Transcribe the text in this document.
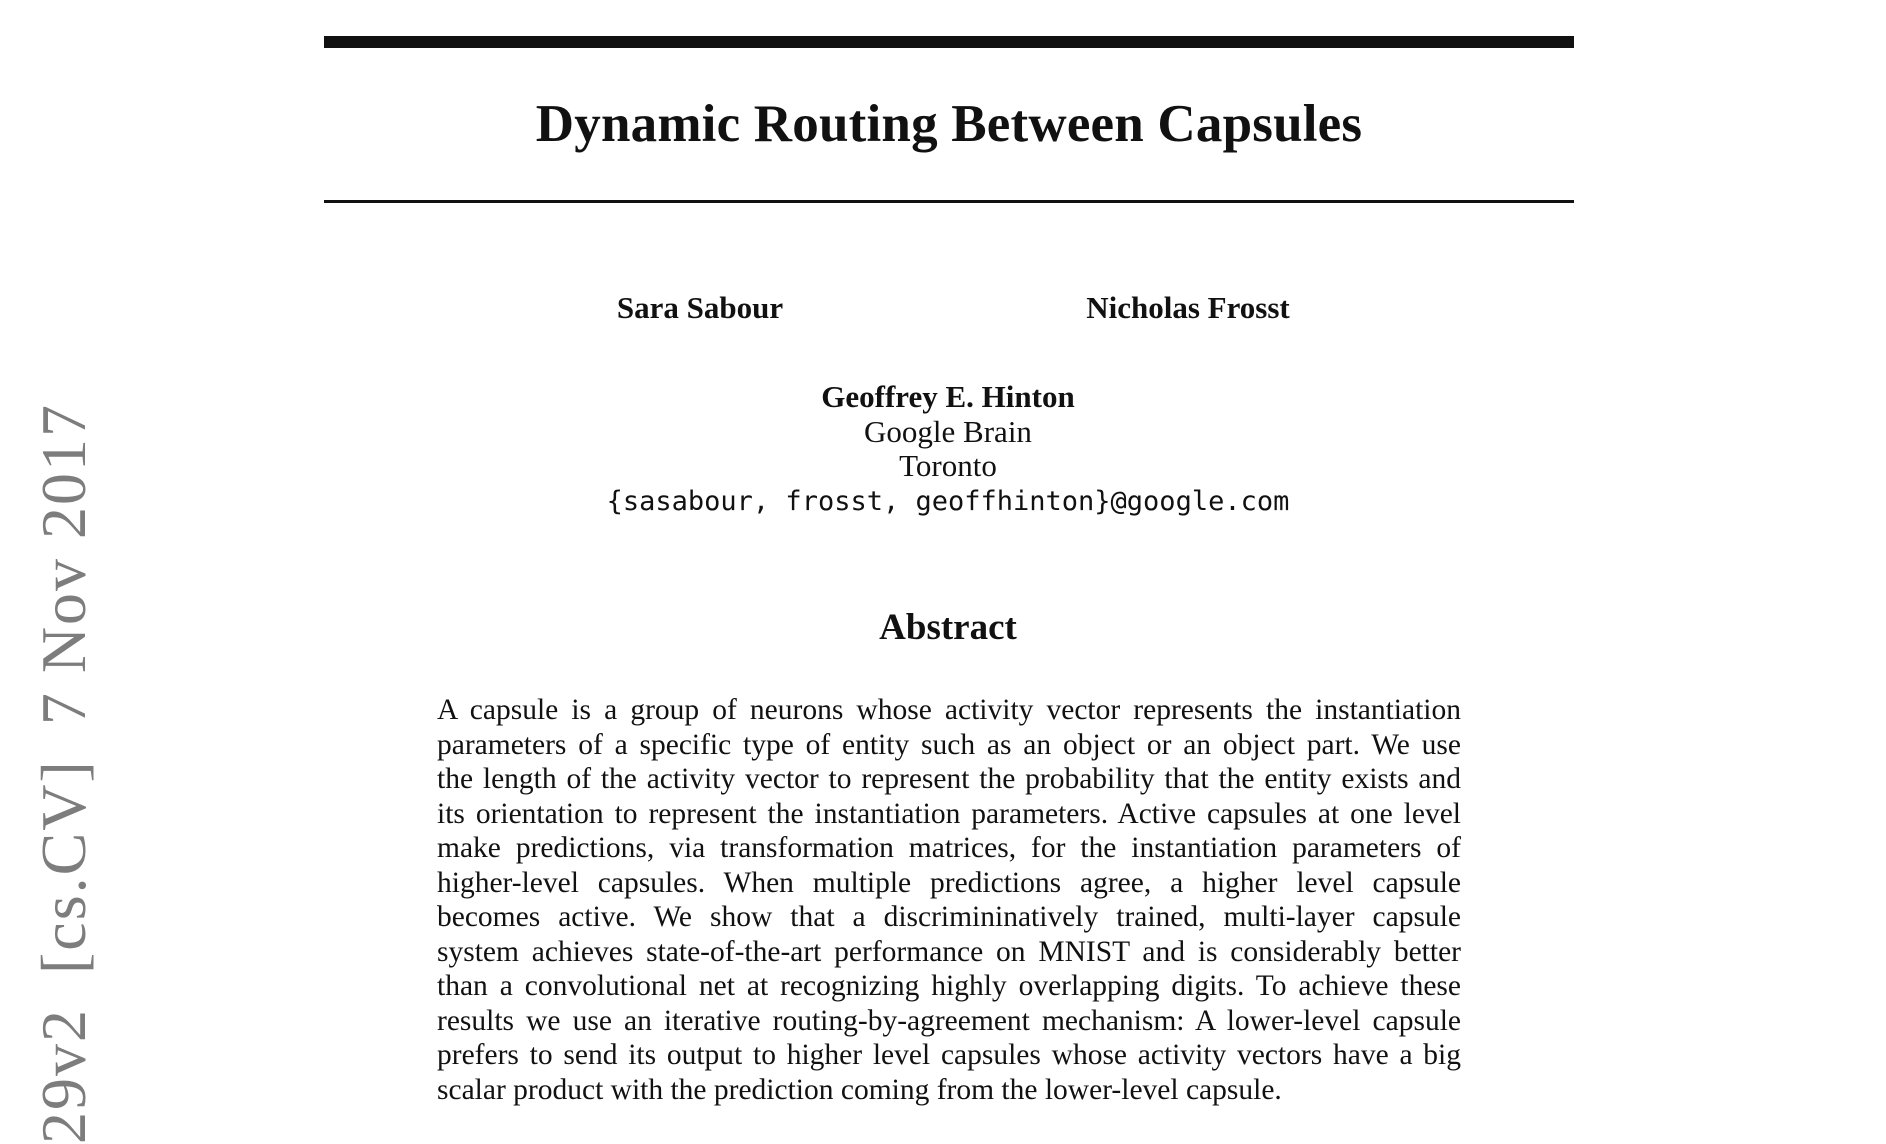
Dynamic Routing Between Capsules
Sara Sabour	Nicholas Frosst
Geoffrey E. Hinton
Google Brain
Toronto
{sasabour, frosst, geoffhinton}@google.com
Abstract
A capsule is a group of neurons whose activity vector represents the instantiation
parameters of a specific type of entity such as an object or an object part. We use
the length of the activity vector to represent the probability that the entity exists and
its orientation to represent the instantiation parameters. Active capsules at one level
make predictions, via transformation matrices, for the instantiation parameters of
higher-level capsules. When multiple predictions agree, a higher level capsule
becomes active. We show that a discrimininatively trained, multi-layer capsule
system achieves state-of-the-art performance on MNIST and is considerably better
than a convolutional net at recognizing highly overlapping digits. To achieve these
results we use an iterative routing-by-agreement mechanism: A lower-level capsule
prefers to send its output to higher level capsules whose activity vectors have a big
scalar product with the prediction coming from the lower-level capsule.
29v2[cs.CV]7 Nov 2017
